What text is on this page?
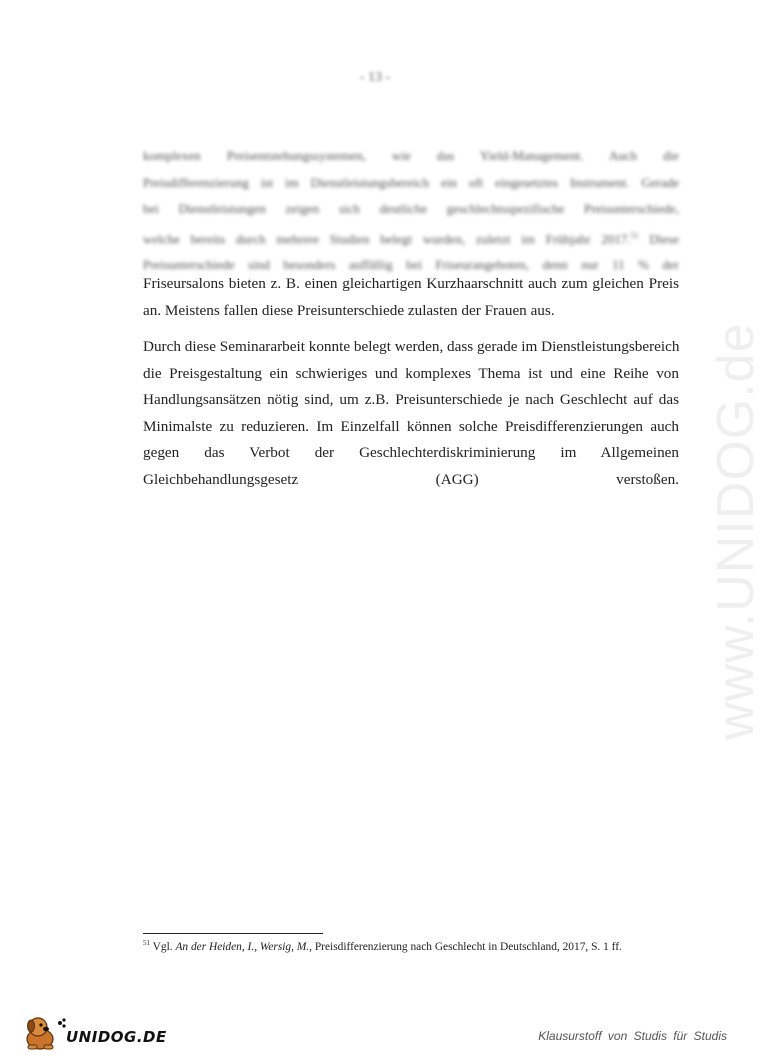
- 13 -
komplexen Preisentstehungssystemen, wie das Yield-Management. Auch die
Preisdifferenzierung ist im Dienstleistungsbereich ein oft eingesetztes Instrument. Gerade
bei Dienstleistungen zeigen sich deutliche geschlechtsspezifische Preisunterschiede,
welche bereits durch mehrere Studien belegt wurden, zuletzt im Frühjahr 2017.51 Diese
Preisunterschiede sind besonders auffällig bei Friseurangeboten, denn nur 11 % der
Friseursalons bieten z. B. einen gleichartigen Kurzhaarschnitt auch zum gleichen Preis
an. Meistens fallen diese Preisunterschiede zulasten der Frauen aus.
Durch diese Seminararbeit konnte belegt werden, dass gerade im Dienstleistungsbereich
die Preisgestaltung ein schwieriges und komplexes Thema ist und eine Reihe von
Handlungsansätzen nötig sind, um z.B. Preisunterschiede je nach Geschlecht auf das
Minimalste zu reduzieren. Im Einzelfall können solche Preisdifferenzierungen auch
gegen das Verbot der Geschlechterdiskriminierung im Allgemeinen
Gleichbehandlungsgesetz (AGG) verstoßen.
$^{51}$ Vgl. An der Heiden, I., Wersig, M., Preisdifferenzierung nach Geschlecht in Deutschland, 2017, S. 1 ff.
www.UNIDOG.de
UNIDOG.DE	Klausurstoff von Studis für Studis
